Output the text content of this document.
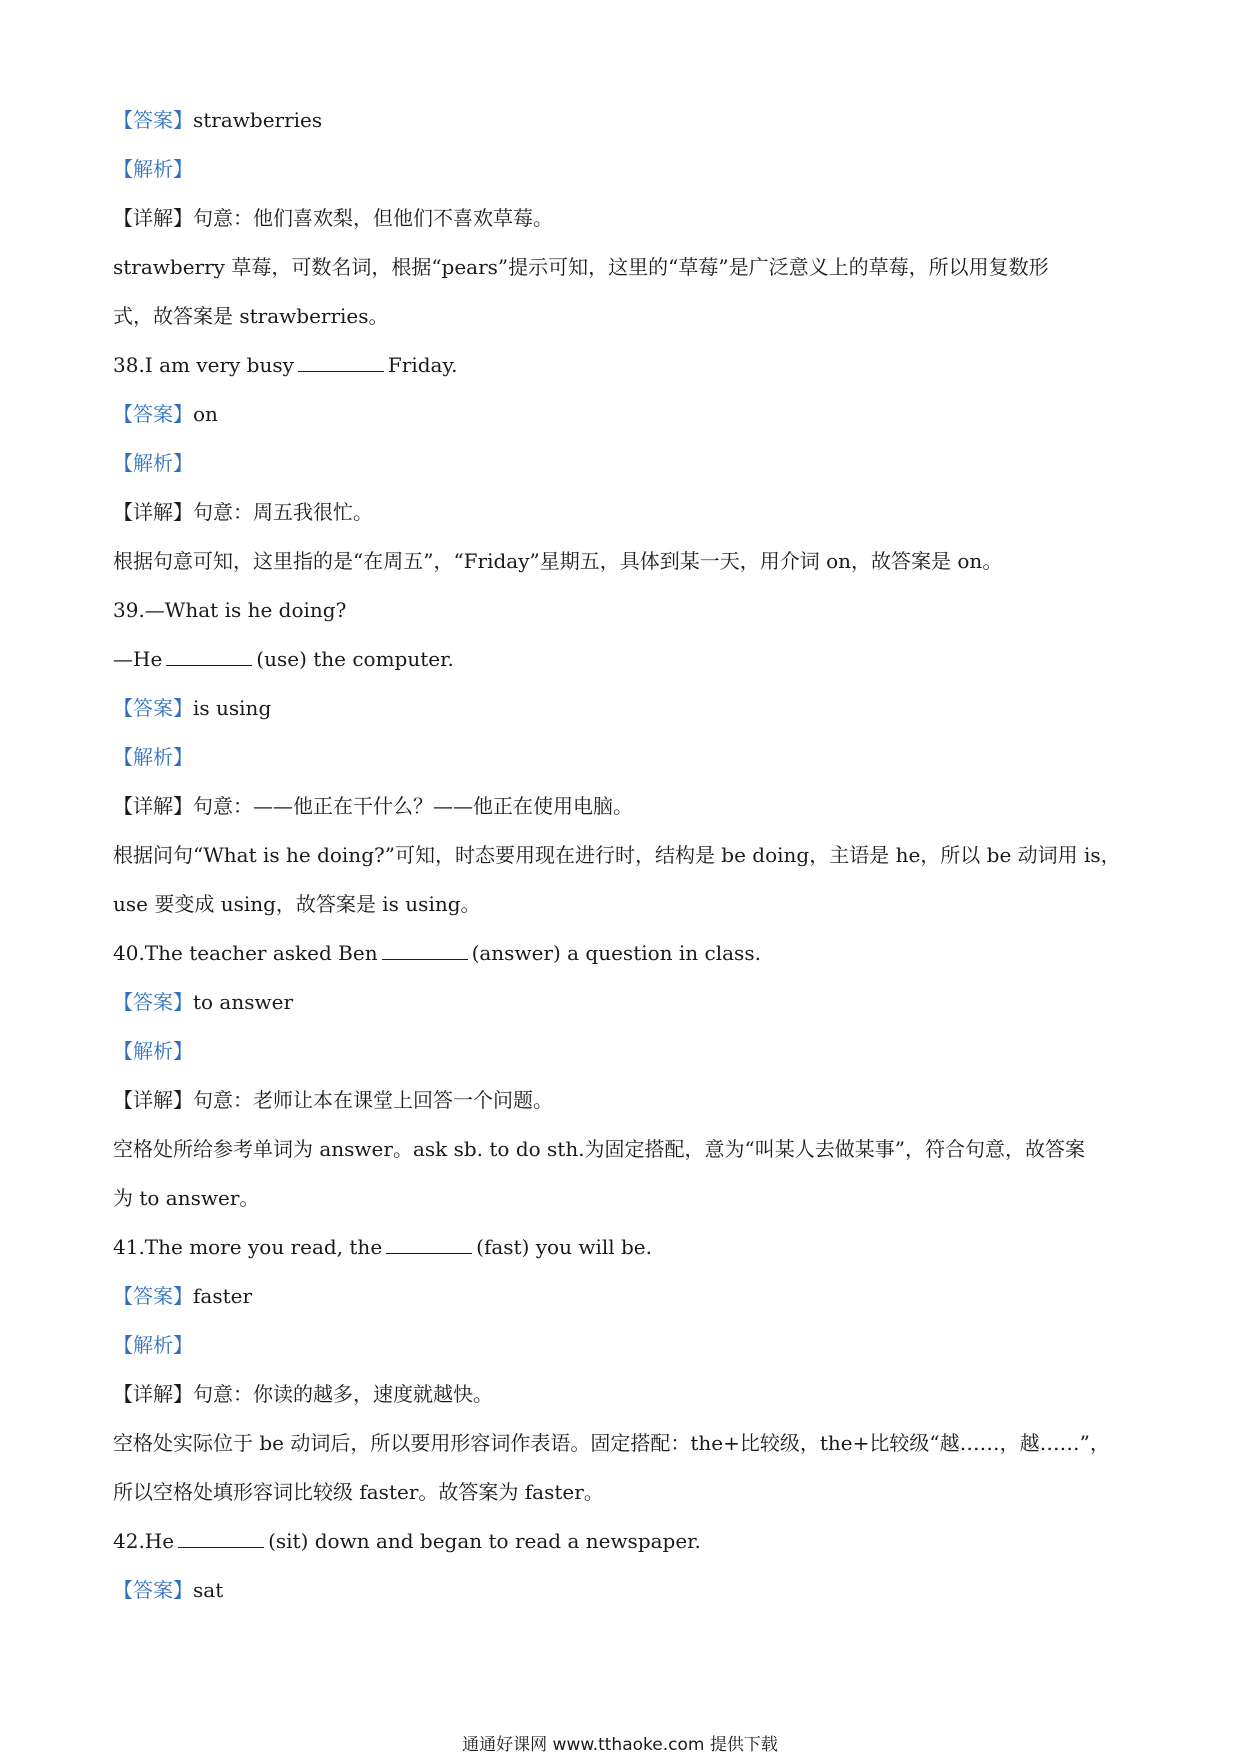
【答案】strawberries
【解析】
【详解】句意：他们喜欢梨，但他们不喜欢草莓。
strawberry 草莓，可数名词，根据“pears”提示可知，这里的“草莓”是广泛意义上的草莓，所以用复数形
式，故答案是 strawberries。
38.I am very busy	Friday.
【答案】on
【解析】
【详解】句意：周五我很忙。
根据句意可知，这里指的是“在周五”，“Friday”星期五，具体到某一天，用介词 on，故答案是 on。
39.—What is he doing?
—He	(use) the computer.
【答案】is using
【解析】
【详解】句意：——他正在干什么？——他正在使用电脑。
根据问句“What is he doing?”可知，时态要用现在进行时，结构是 be doing，主语是 he，所以 be 动词用 is，
use 要变成 using，故答案是 is using。
40.The teacher asked Ben	(answer) a question in class.
【答案】to answer
【解析】
【详解】句意：老师让本在课堂上回答一个问题。
空格处所给参考单词为 answer。ask sb. to do sth.为固定搭配，意为“叫某人去做某事”，符合句意，故答案
为 to answer。
41.The more you read, the	(fast) you will be.
【答案】faster
【解析】
【详解】句意：你读的越多，速度就越快。
空格处实际位于 be 动词后，所以要用形容词作表语。固定搭配：the+比较级，the+比较级“越……，越……”，
所以空格处填形容词比较级 faster。故答案为 faster。
42.He	(sit) down and began to read a newspaper.
【答案】sat
通通好课网 www.tthaoke.com 提供下载
